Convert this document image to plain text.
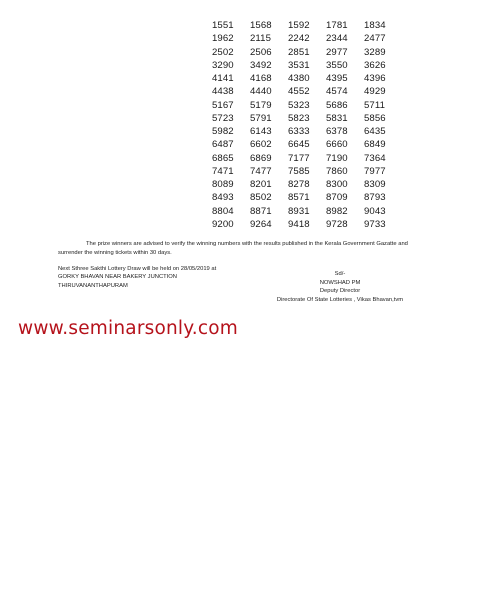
1551	1568	1592	1781	1834
1962	2115	2242	2344	2477
2502	2506	2851	2977	3289
3290	3492	3531	3550	3626
4141	4168	4380	4395	4396
4438	4440	4552	4574	4929
5167	5179	5323	5686	5711
5723	5791	5823	5831	5856
5982	6143	6333	6378	6435
6487	6602	6645	6660	6849
6865	6869	7177	7190	7364
7471	7477	7585	7860	7977
8089	8201	8278	8300	8309
8493	8502	8571	8709	8793
8804	8871	8931	8982	9043
9200	9264	9418	9728	9733
The prize winners are advised to verify the winning numbers with the results published in the Kerala Government Gazatte and surrender the winning tickets within 30 days.
Next Sthree Sakthi Lottery Draw will be held on 28/05/2019 at
GORKY BHAVAN NEAR BAKERY JUNCTION
THIRUVANANTHAPURAM
Sd/-
NOWSHAD PM
Deputy Director
Directorate Of State Lotteries , Vikas Bhavan,tvm
www.seminarsonly.com
